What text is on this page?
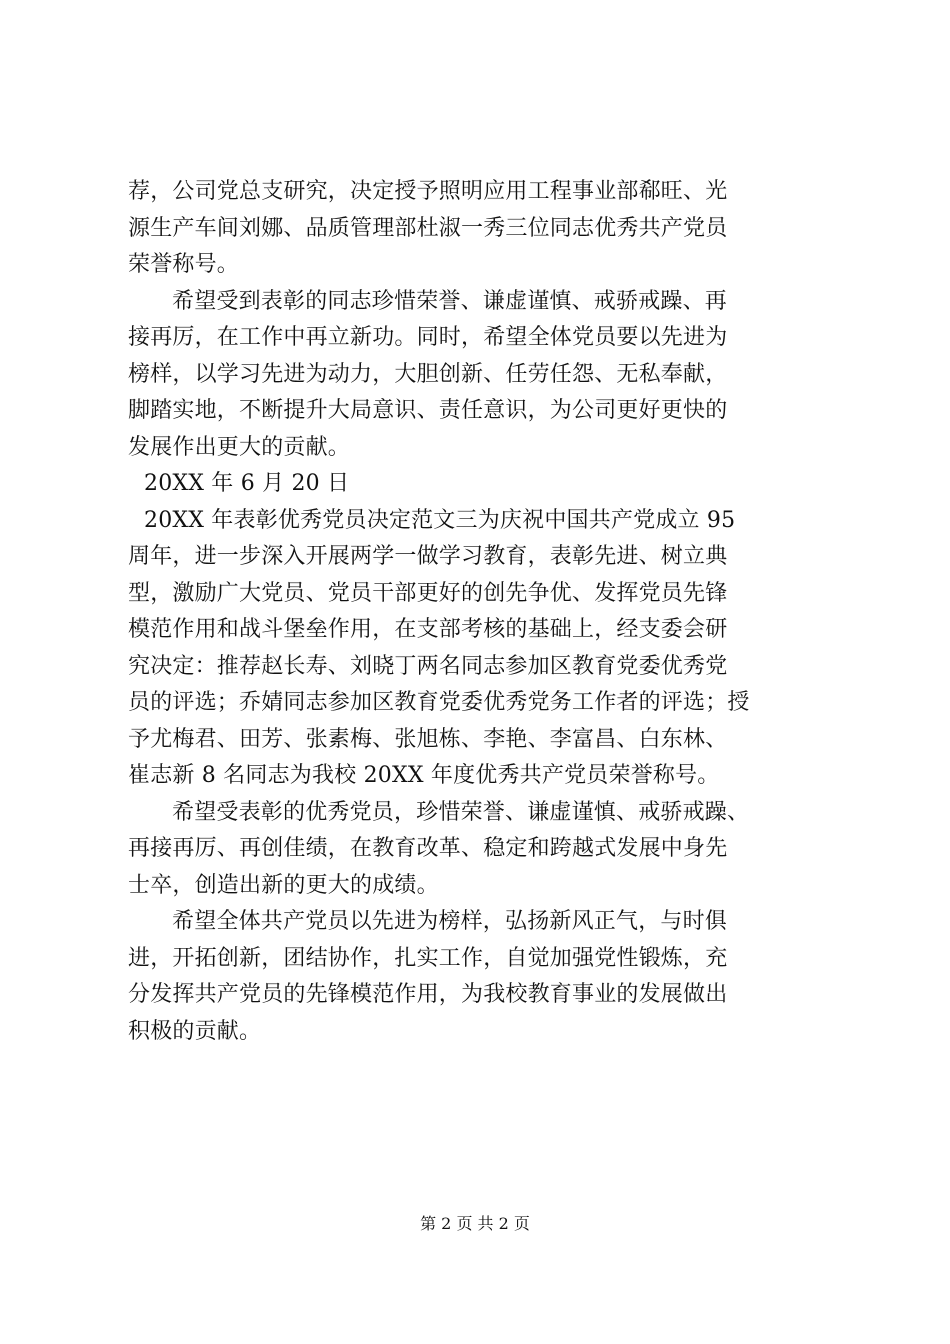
荐，公司党总支研究，决定授予照明应用工程事业部郗旺、光
源生产车间刘娜、品质管理部杜淑一秀三位同志优秀共产党员
荣誉称号。
希望受到表彰的同志珍惜荣誉、谦虚谨慎、戒骄戒躁、再
接再厉，在工作中再立新功。同时，希望全体党员要以先进为
榜样，以学习先进为动力，大胆创新、任劳任怨、无私奉献，
脚踏实地，不断提升大局意识、责任意识，为公司更好更快的
发展作出更大的贡献。
20XX 年 6 月 20 日
20XX 年表彰优秀党员决定范文三为庆祝中国共产党成立 95
周年，进一步深入开展两学一做学习教育，表彰先进、树立典
型，激励广大党员、党员干部更好的创先争优、发挥党员先锋
模范作用和战斗堡垒作用，在支部考核的基础上，经支委会研
究决定：推荐赵长寿、刘晓丁两名同志参加区教育党委优秀党
员的评选；乔婧同志参加区教育党委优秀党务工作者的评选；授
予尤梅君、田芳、张素梅、张旭栋、李艳、李富昌、白东林、
崔志新 8 名同志为我校 20XX 年度优秀共产党员荣誉称号。
希望受表彰的优秀党员，珍惜荣誉、谦虚谨慎、戒骄戒躁、
再接再厉、再创佳绩，在教育改革、稳定和跨越式发展中身先
士卒，创造出新的更大的成绩。
希望全体共产党员以先进为榜样，弘扬新风正气，与时俱
进，开拓创新，团结协作，扎实工作，自觉加强党性锻炼，充
分发挥共产党员的先锋模范作用，为我校教育事业的发展做出
积极的贡献。
第 2 页 共 2 页
